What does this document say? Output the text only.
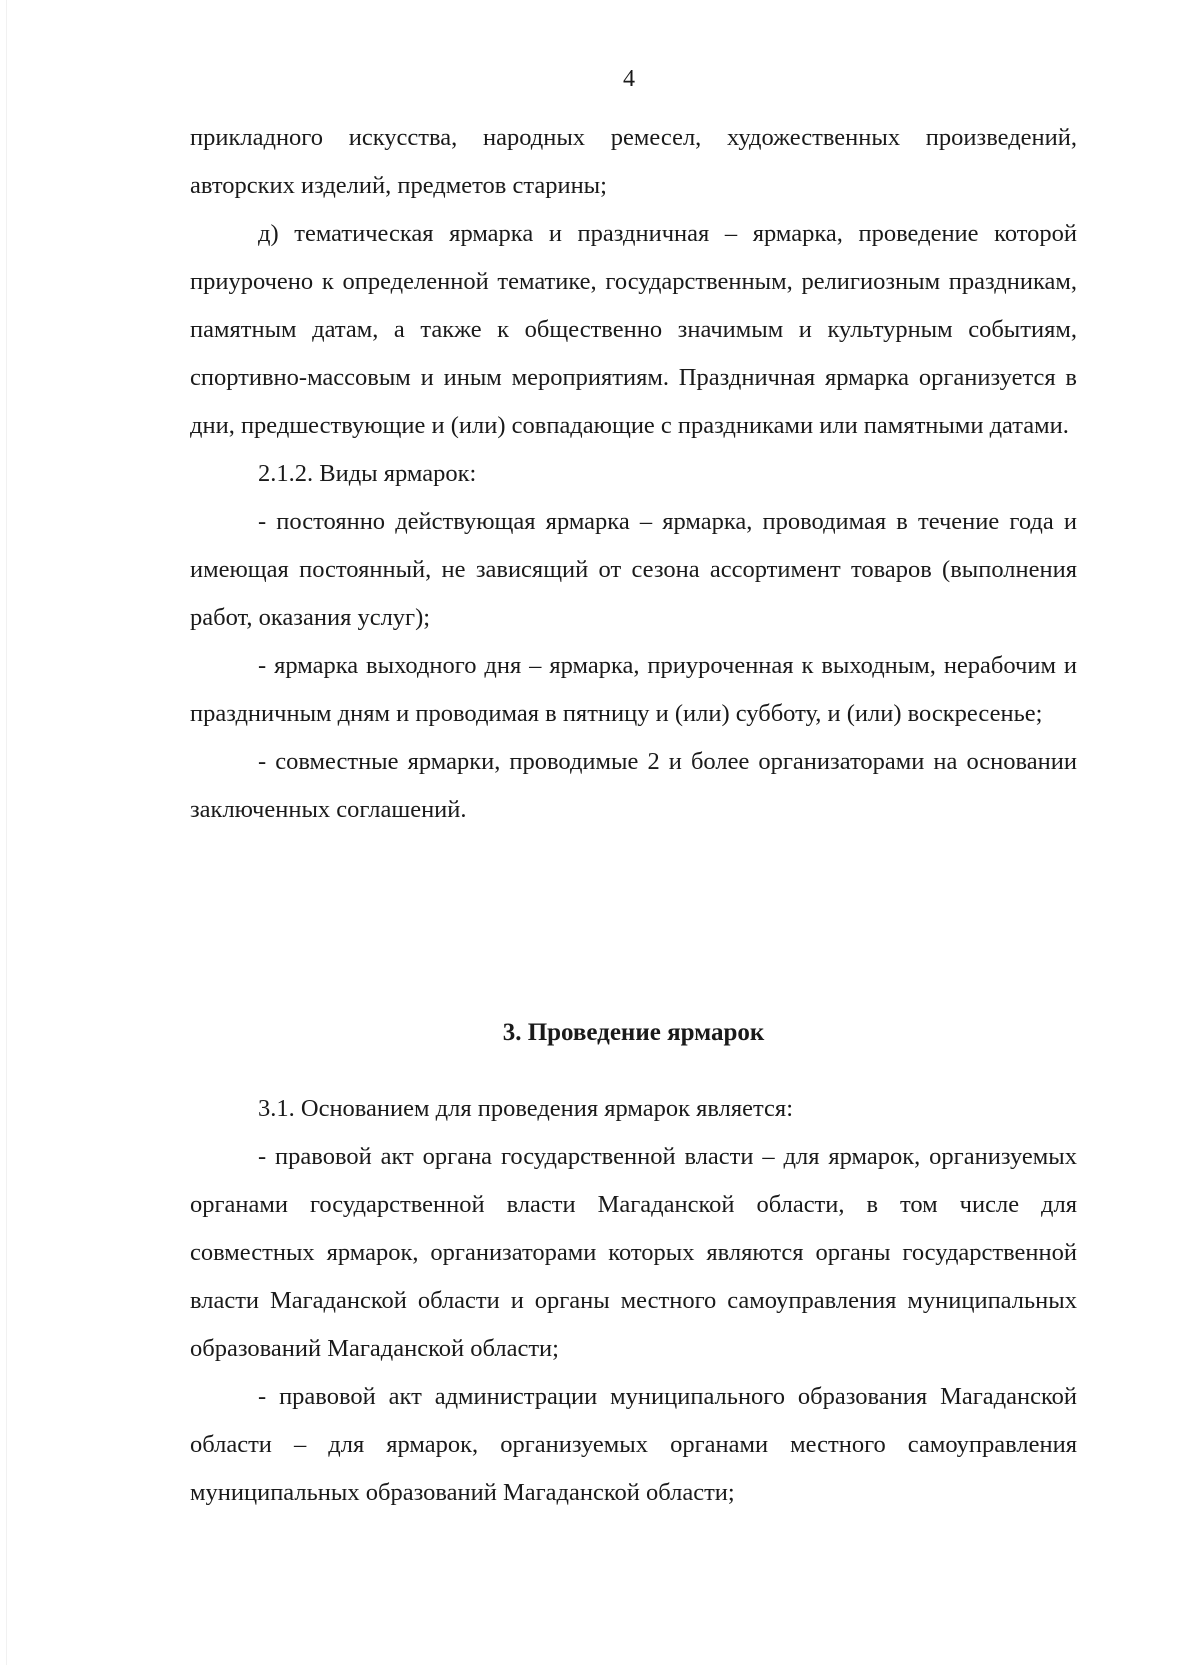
4

прикладного искусства, народных ремесел, художественных произведений, авторских изделий, предметов старины;

д) тематическая ярмарка и праздничная – ярмарка, проведение которой приурочено к определенной тематике, государственным, религиозным праздникам, памятным датам, а также к общественно значимым и культурным событиям, спортивно-массовым и иным мероприятиям. Праздничная ярмарка организуется в дни, предшествующие и (или) совпадающие с праздниками или памятными датами.

2.1.2. Виды ярмарок:

- постоянно действующая ярмарка – ярмарка, проводимая в течение года и имеющая постоянный, не зависящий от сезона ассортимент товаров (выполнения работ, оказания услуг);

- ярмарка выходного дня – ярмарка, приуроченная к выходным, нерабочим и праздничным дням и проводимая в пятницу и (или) субботу, и (или) воскресенье;

- совместные ярмарки, проводимые 2 и более организаторами на основании заключенных соглашений.

3. Проведение ярмарок

3.1. Основанием для проведения ярмарок является:

- правовой акт органа государственной власти – для ярмарок, организуемых органами государственной власти Магаданской области, в том числе для совместных ярмарок, организаторами которых являются органы государственной власти Магаданской области и органы местного самоуправления муниципальных образований Магаданской области;

- правовой акт администрации муниципального образования Магаданской области – для ярмарок, организуемых органами местного самоуправления муниципальных образований Магаданской области;
